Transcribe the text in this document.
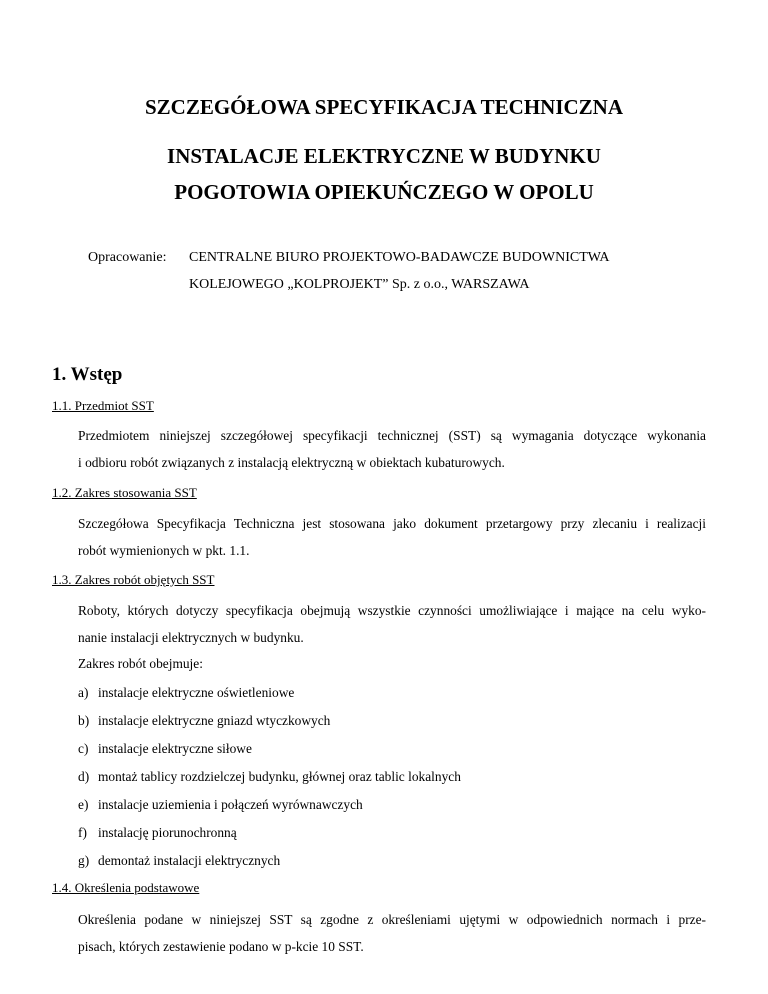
SZCZEGÓŁOWA SPECYFIKACJA TECHNICZNA
INSTALACJE ELEKTRYCZNE W BUDYNKU
POGOTOWIA OPIEKUŃCZEGO W OPOLU
Opracowanie: CENTRALNE BIURO PROJEKTOWO-BADAWCZE BUDOWNICTWA
KOLEJOWEGO „KOLPROJEKT” Sp. z o.o., WARSZAWA
1. Wstęp
1.1. Przedmiot SST
Przedmiotem niniejszej szczegółowej specyfikacji technicznej (SST) są wymagania dotyczące wykonania
i odbioru robót związanych z instalacją elektryczną w obiektach kubaturowych.
1.2. Zakres stosowania SST
Szczegółowa Specyfikacja Techniczna jest stosowana jako dokument przetargowy przy zlecaniu i realizacji
robót wymienionych w pkt. 1.1.
1.3. Zakres robót objętych SST
Roboty, których dotyczy specyfikacja obejmują wszystkie czynności umożliwiające i mające na celu wyko-
nanie instalacji elektrycznych w budynku.
Zakres robót obejmuje:
a) instalacje elektryczne oświetleniowe
b) instalacje elektryczne gniazd wtyczkowych
c) instalacje elektryczne siłowe
d) montaż tablicy rozdzielczej budynku, głównej oraz tablic lokalnych
e) instalacje uziemienia i połączeń wyrównawczych
f) instalację piorunochronną
g) demontaż instalacji elektrycznych
1.4. Określenia podstawowe
Określenia podane w niniejszej SST są zgodne z określeniami ujętymi w odpowiednich normach i prze-
pisach, których zestawienie podano w p-kcie 10 SST.
